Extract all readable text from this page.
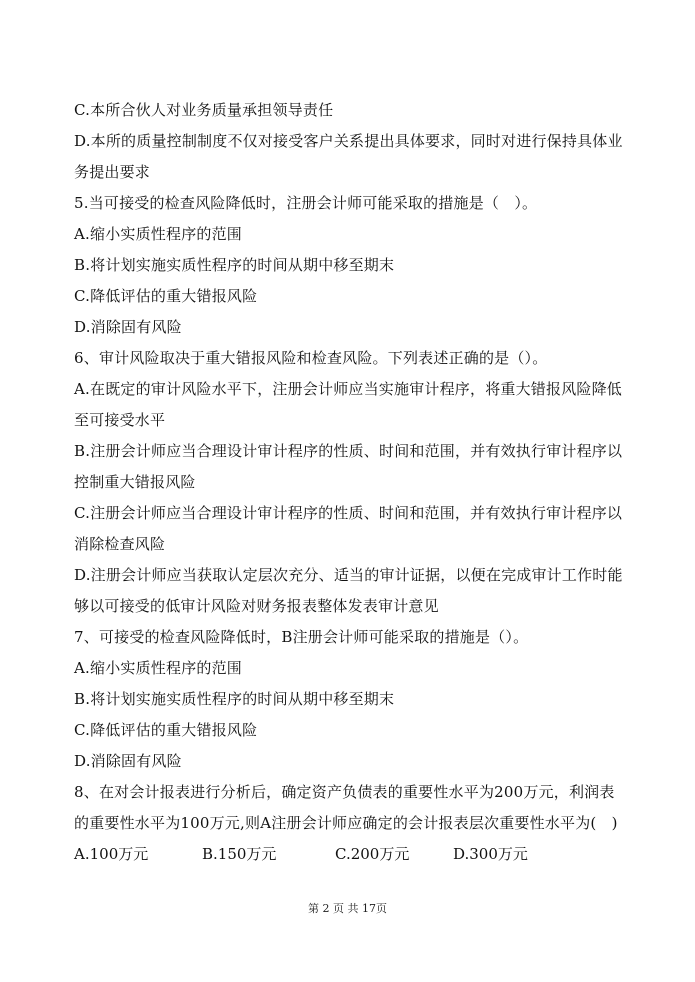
C.本所合伙人对业务质量承担领导责任
D.本所的质量控制制度不仅对接受客户关系提出具体要求，同时对进行保持具体业
务提出要求
5.当可接受的检查风险降低时，注册会计师可能采取的措施是（　）。
A.缩小实质性程序的范围
B.将计划实施实质性程序的时间从期中移至期末
C.降低评估的重大错报风险
D.消除固有风险
6、审计风险取决于重大错报风险和检查风险。下列表述正确的是（）。
A.在既定的审计风险水平下，注册会计师应当实施审计程序，将重大错报风险降低
至可接受水平
B.注册会计师应当合理设计审计程序的性质、时间和范围，并有效执行审计程序以
控制重大错报风险
C.注册会计师应当合理设计审计程序的性质、时间和范围，并有效执行审计程序以
消除检查风险
D.注册会计师应当获取认定层次充分、适当的审计证据，以便在完成审计工作时能
够以可接受的低审计风险对财务报表整体发表审计意见
7、可接受的检查风险降低时，B注册会计师可能采取的措施是（）。
A.缩小实质性程序的范围
B.将计划实施实质性程序的时间从期中移至期末
C.降低评估的重大错报风险
D.消除固有风险
8、在对会计报表进行分析后，确定资产负债表的重要性水平为200万元，利润表
的重要性水平为100万元,则A注册会计师应确定的会计报表层次重要性水平为(　)
A.100万元	B.150万元	C.200万元	D.300万元
第 2 页 共 17页
